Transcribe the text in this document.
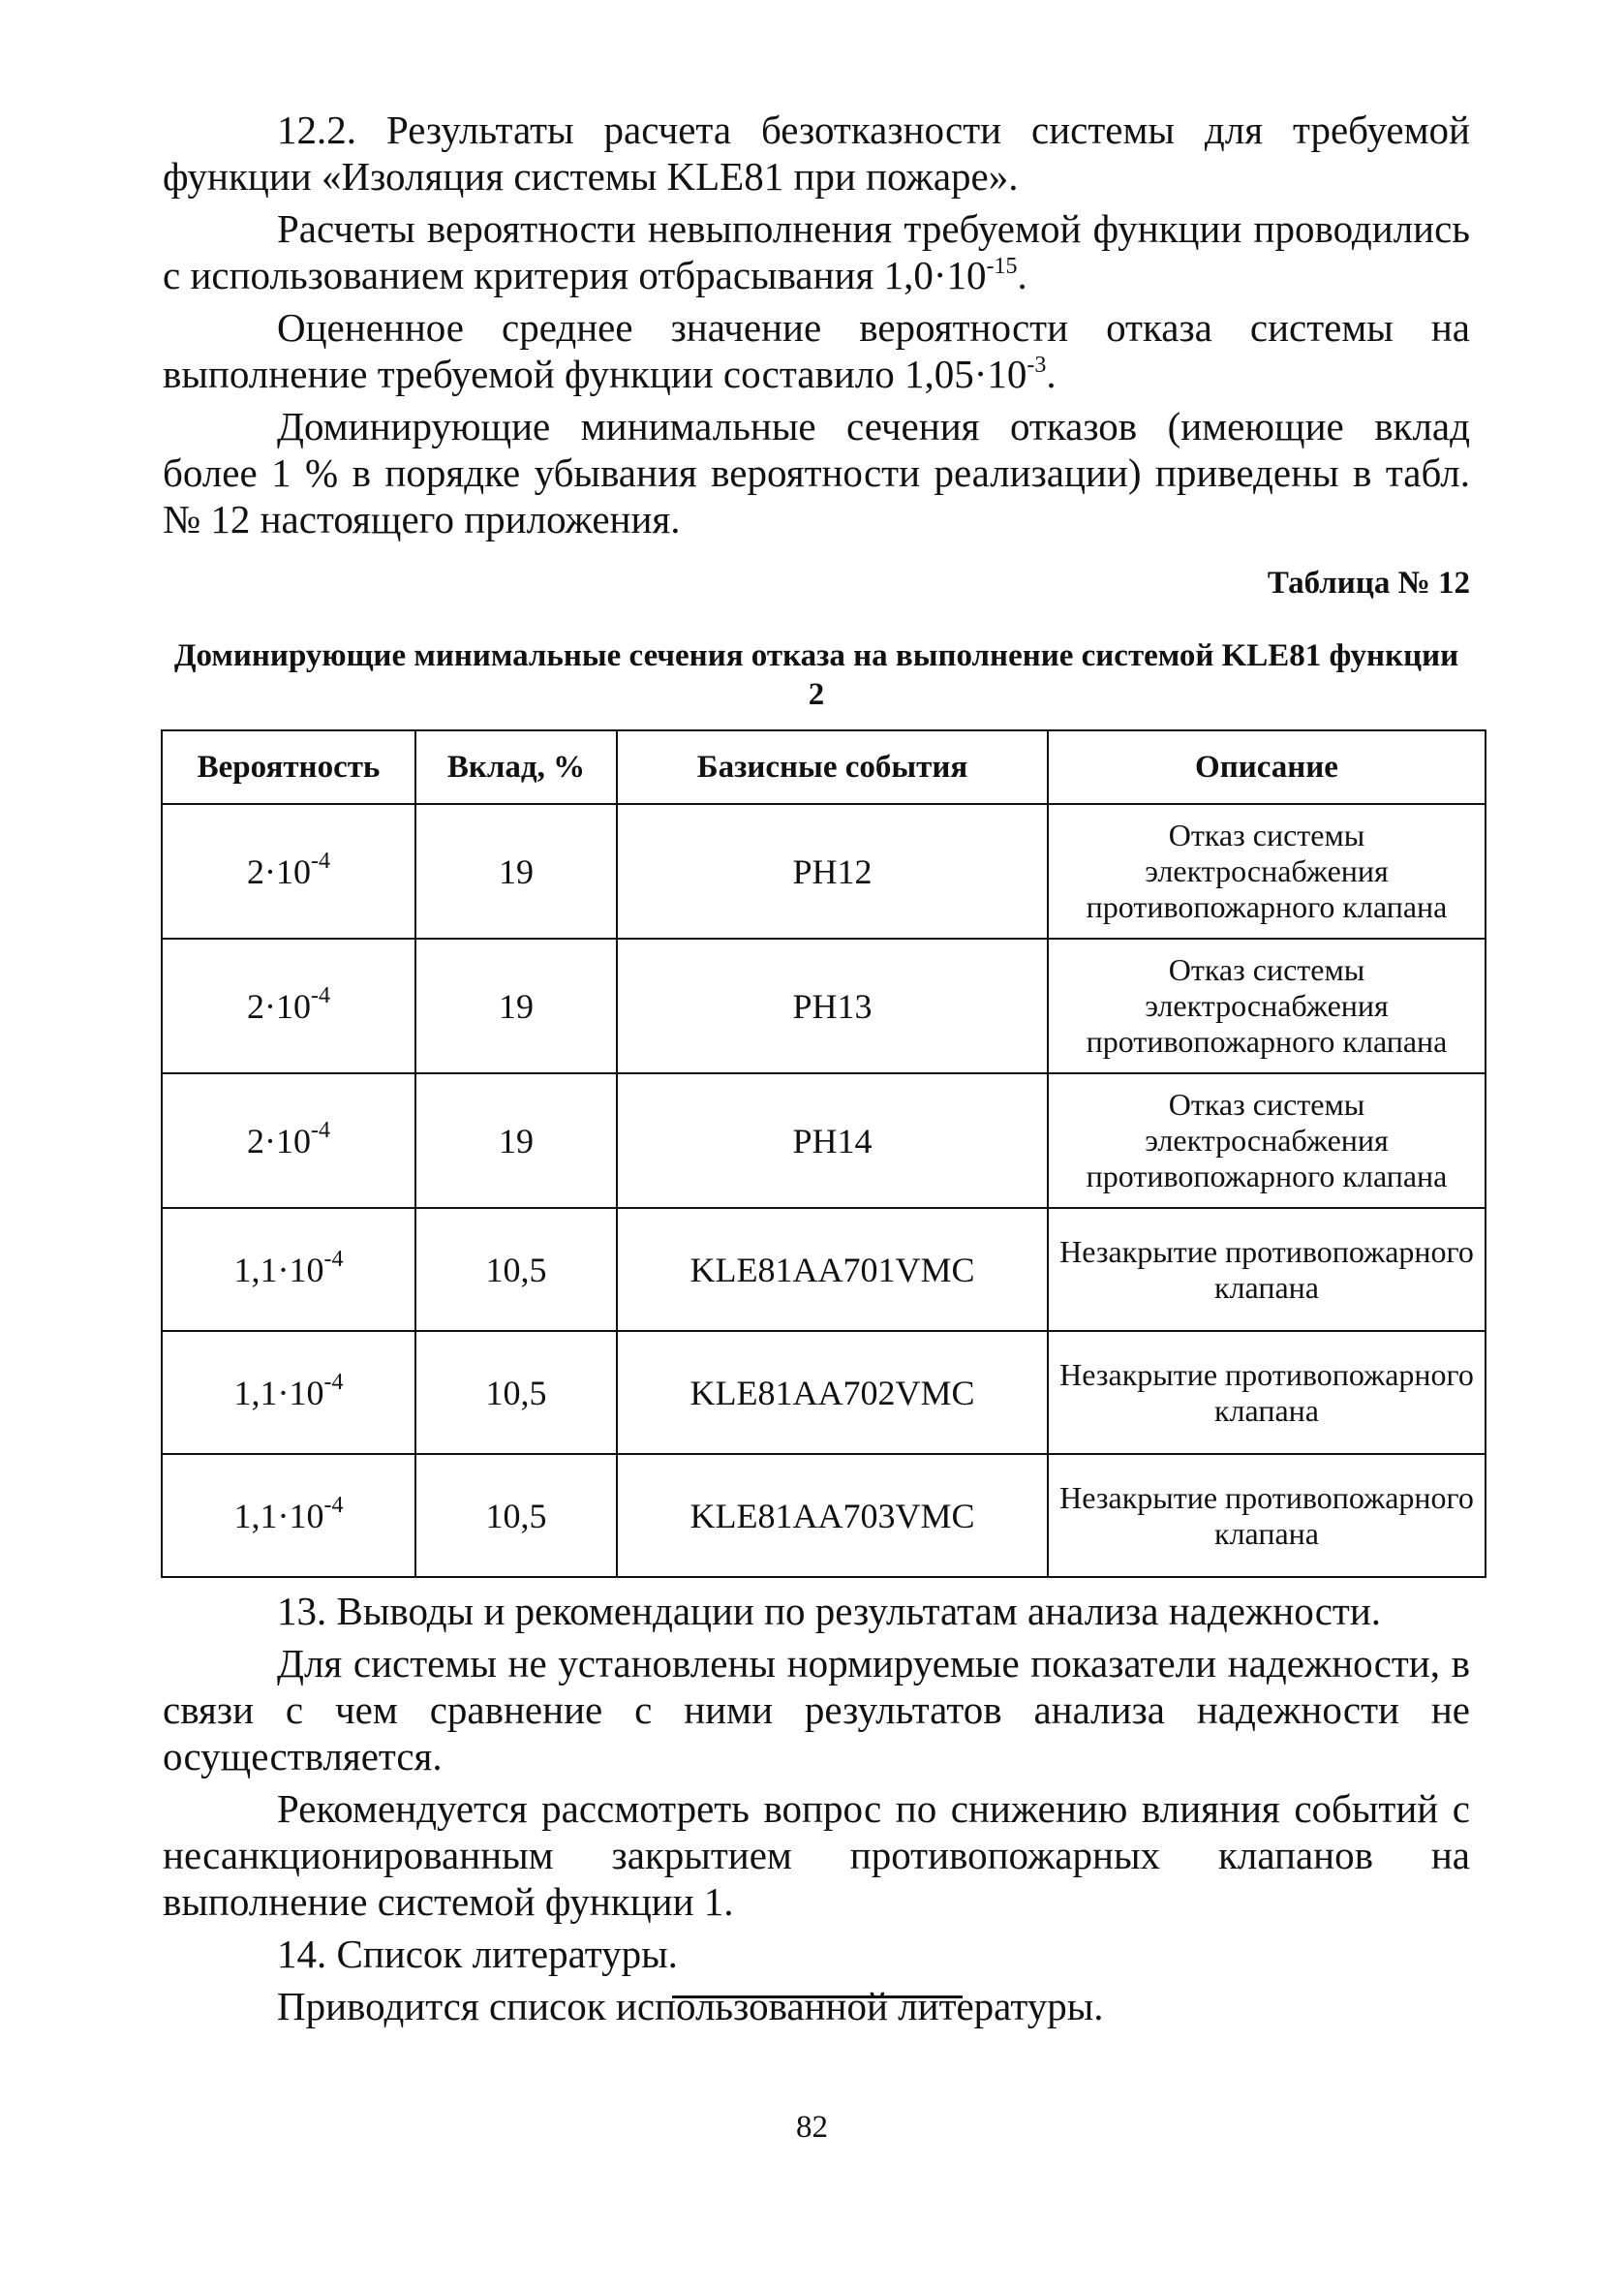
12.2. Результаты расчета безотказности системы для требуемой функции «Изоляция системы KLE81 при пожаре».

Расчеты вероятности невыполнения требуемой функции проводились с использованием критерия отбрасывания $1,0\cdot 10^{-15}$.

Оцененное среднее значение вероятности отказа системы на выполнение требуемой функции составило $1,05\cdot 10^{-3}$.

Доминирующие минимальные сечения отказов (имеющие вклад более 1 % в порядке убывания вероятности реализации) приведены в табл. № 12 настоящего приложения.

Таблица № 12
Доминирующие минимальные сечения отказа на выполнение системой KLE81 функции 2
Вероятность	Вклад, %	Базисные события	Описание
$2\cdot 10^{-4}$	19	PH12	Отказ системы электроснабжения противопожарного клапана
$2\cdot 10^{-4}$	19	PH13	Отказ системы электроснабжения противопожарного клапана
$2\cdot 10^{-4}$	19	PH14	Отказ системы электроснабжения противопожарного клапана
$1,1\cdot 10^{-4}$	10,5	KLE81AA701VMC	Незакрытие противопожарного клапана
$1,1\cdot 10^{-4}$	10,5	KLE81AA702VMC	Незакрытие противопожарного клапана
$1,1\cdot 10^{-4}$	10,5	KLE81AA703VMC	Незакрытие противопожарного клапана

13. Выводы и рекомендации по результатам анализа надежности.

Для системы не установлены нормируемые показатели надежности, в связи с чем сравнение с ними результатов анализа надежности не осуществляется.

Рекомендуется рассмотреть вопрос по снижению влияния событий с несанкционированным закрытием противопожарных клапанов на выполнение системой функции 1.

14. Список литературы.

Приводится список использованной литературы.

82
